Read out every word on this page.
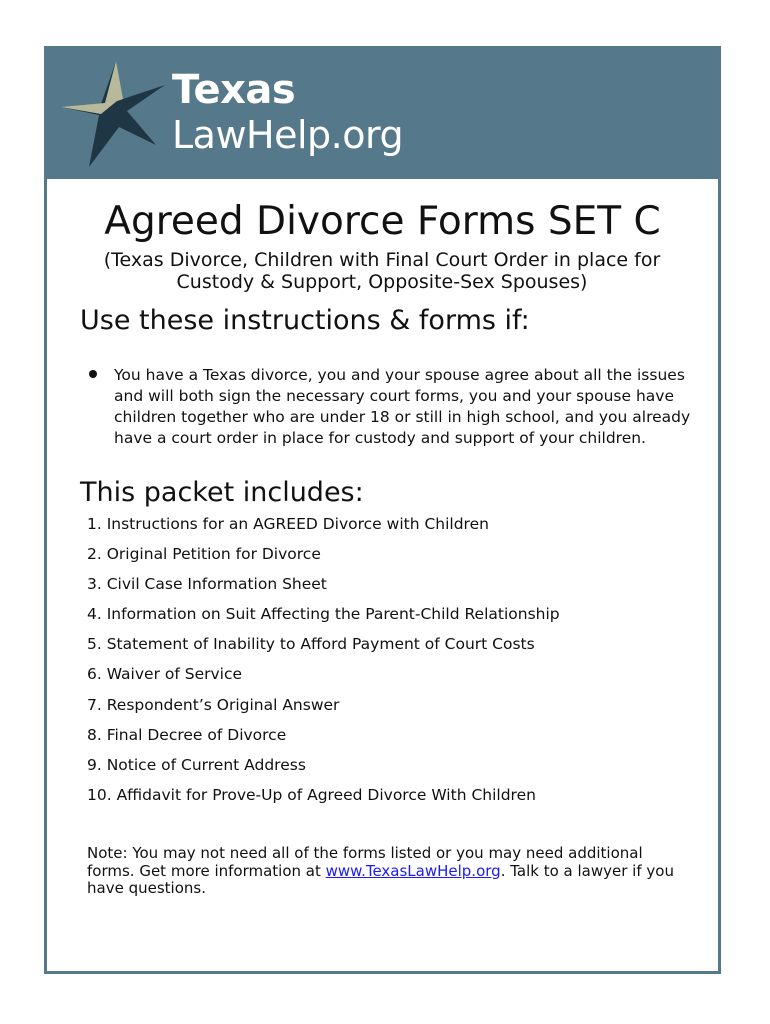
Texas
LawHelp.org
Agreed Divorce Forms SET C
(Texas Divorce, Children with Final Court Order in place for
Custody & Support, Opposite-Sex Spouses)
Use these instructions & forms if:
You have a Texas divorce, you and your spouse agree about all the issues and will both sign the necessary court forms, you and your spouse have children together who are under 18 or still in high school, and you already have a court order in place for custody and support of your children.
This packet includes:
1. Instructions for an AGREED Divorce with Children
2. Original Petition for Divorce
3. Civil Case Information Sheet
4. Information on Suit Affecting the Parent-Child Relationship
5. Statement of Inability to Afford Payment of Court Costs
6. Waiver of Service
7. Respondent’s Original Answer
8. Final Decree of Divorce
9. Notice of Current Address
10. Affidavit for Prove-Up of Agreed Divorce With Children
Note: You may not need all of the forms listed or you may need additional forms. Get more information at www.TexasLawHelp.org. Talk to a lawyer if you have questions.
